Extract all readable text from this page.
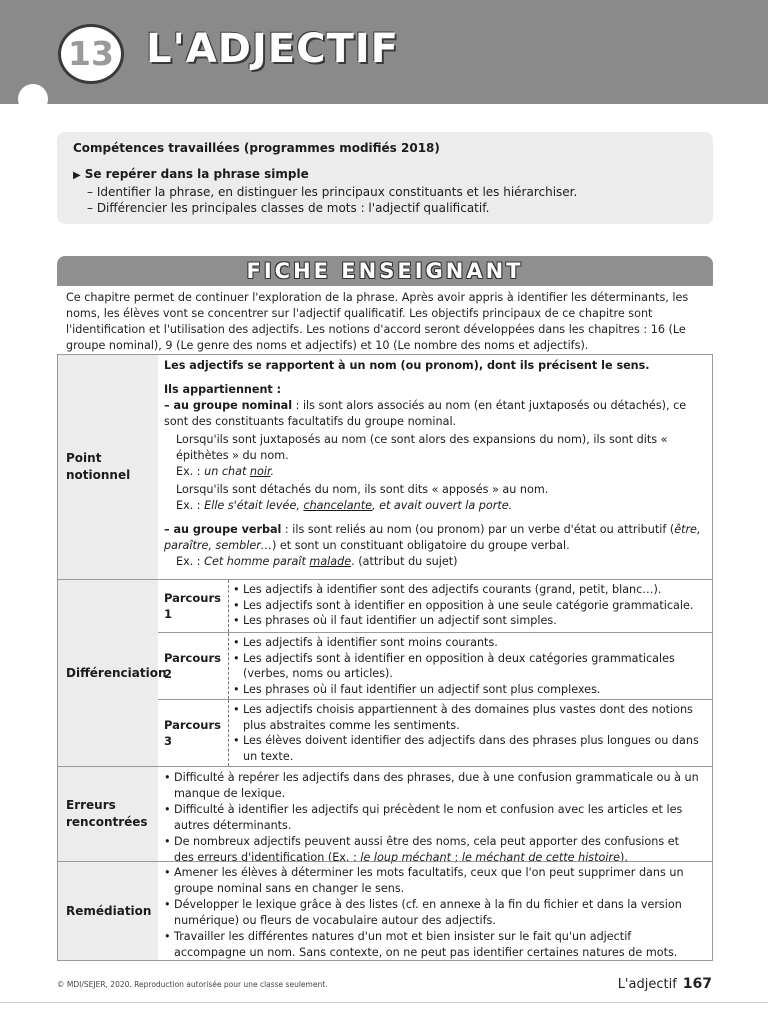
13 L'ADJECTIF
Compétences travaillées (programmes modifiés 2018)
▶ Se repérer dans la phrase simple
– Identifier la phrase, en distinguer les principaux constituants et les hiérarchiser.
– Différencier les principales classes de mots : l'adjectif qualificatif.
FICHE ENSEIGNANT
Ce chapitre permet de continuer l'exploration de la phrase. Après avoir appris à identifier les déterminants, les noms, les élèves vont se concentrer sur l'adjectif qualificatif. Les objectifs principaux de ce chapitre sont l'identification et l'utilisation des adjectifs. Les notions d'accord seront développées dans les chapitres : 16 (Le groupe nominal), 9 (Le genre des noms et adjectifs) et 10 (Le nombre des noms et adjectifs).
Point notionnel
Les adjectifs se rapportent à un nom (ou pronom), dont ils précisent le sens.
Ils appartiennent :
– au groupe nominal : ils sont alors associés au nom (en étant juxtaposés ou détachés), ce sont des constituants facultatifs du groupe nominal.
Lorsqu'ils sont juxtaposés au nom (ce sont alors des expansions du nom), ils sont dits « épithètes » du nom.
Ex. : un chat noir.
Lorsqu'ils sont détachés du nom, ils sont dits « apposés » au nom.
Ex. : Elle s'était levée, chancelante, et avait ouvert la porte.
– au groupe verbal : ils sont reliés au nom (ou pronom) par un verbe d'état ou attributif (être, paraître, sembler…) et sont un constituant obligatoire du groupe verbal.
Ex. : Cet homme paraît malade. (attribut du sujet)
Différenciation
Parcours 1
• Les adjectifs à identifier sont des adjectifs courants (grand, petit, blanc…).
• Les adjectifs sont à identifier en opposition à une seule catégorie grammaticale.
• Les phrases où il faut identifier un adjectif sont simples.
Parcours 2
• Les adjectifs à identifier sont moins courants.
• Les adjectifs sont à identifier en opposition à deux catégories grammaticales (verbes, noms ou articles).
• Les phrases où il faut identifier un adjectif sont plus complexes.
Parcours 3
• Les adjectifs choisis appartiennent à des domaines plus vastes dont des notions plus abstraites comme les sentiments.
• Les élèves doivent identifier des adjectifs dans des phrases plus longues ou dans un texte.
Erreurs rencontrées
• Difficulté à repérer les adjectifs dans des phrases, due à une confusion grammaticale ou à un manque de lexique.
• Difficulté à identifier les adjectifs qui précèdent le nom et confusion avec les articles et les autres déterminants.
• De nombreux adjectifs peuvent aussi être des noms, cela peut apporter des confusions et des erreurs d'identification (Ex. : le loup méchant ; le méchant de cette histoire).
Remédiation
• Amener les élèves à déterminer les mots facultatifs, ceux que l'on peut supprimer dans un groupe nominal sans en changer le sens.
• Développer le lexique grâce à des listes (cf. en annexe à la fin du fichier et dans la version numérique) ou fleurs de vocabulaire autour des adjectifs.
• Travailler les différentes natures d'un mot et bien insister sur le fait qu'un adjectif accompagne un nom. Sans contexte, on ne peut pas identifier certaines natures de mots.
© MDI/SEJER, 2020. Reproduction autorisée pour une classe seulement.	L'adjectif 167
